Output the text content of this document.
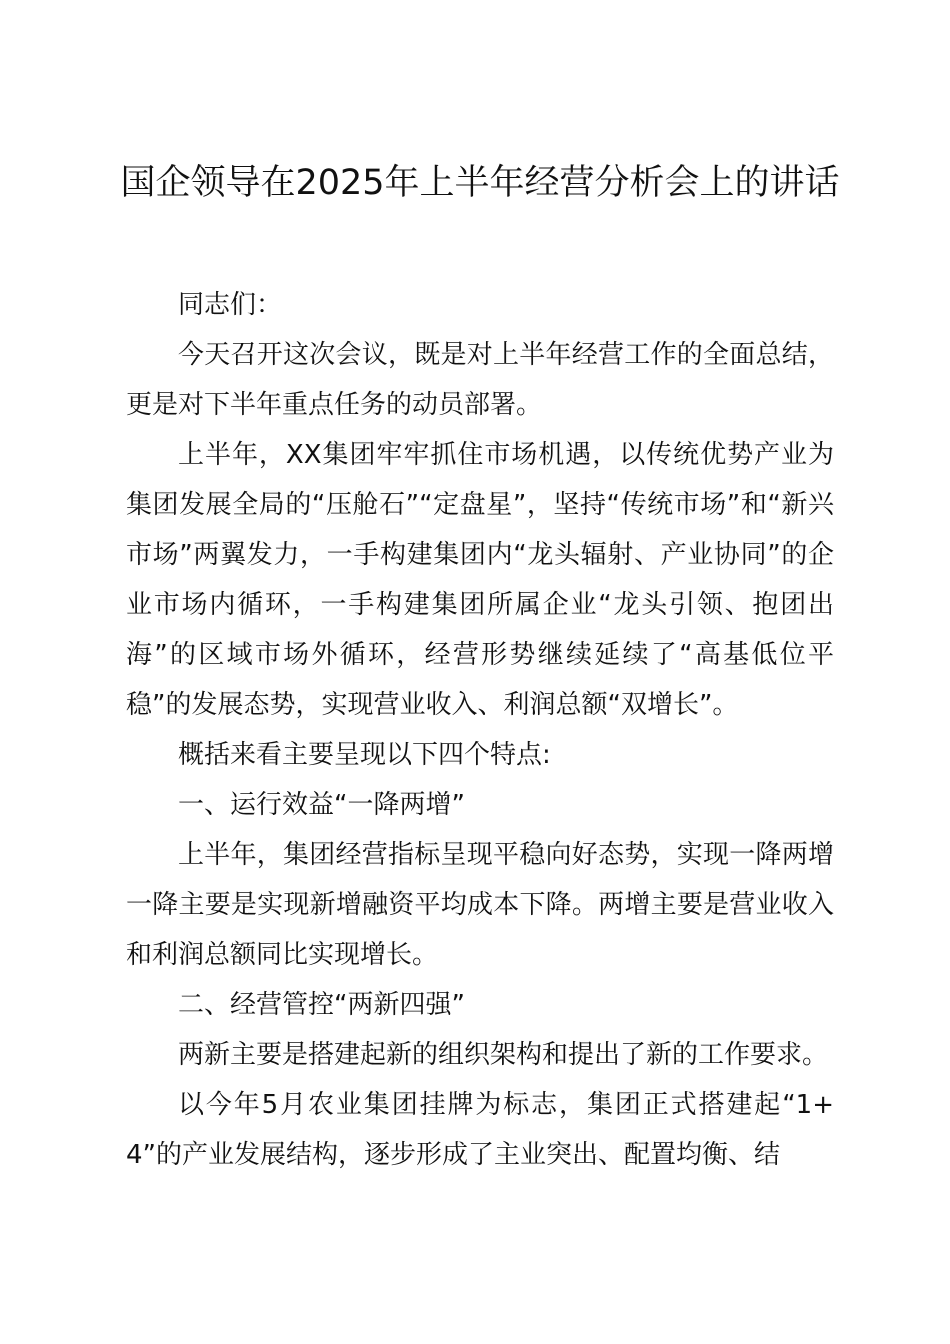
国企领导在2025年上半年经营分析会上的讲话

同志们：

今天召开这次会议，既是对上半年经营工作的全面总结，更是对下半年重点任务的动员部署。

上半年，XX集团牢牢抓住市场机遇，以传统优势产业为集团发展全局的“压舱石”“定盘星”，坚持“传统市场”和“新兴市场”两翼发力，一手构建集团内“龙头辐射、产业协同”的企业市场内循环，一手构建集团所属企业“龙头引领、抱团出海”的区域市场外循环，经营形势继续延续了“高基低位平稳”的发展态势，实现营业收入、利润总额“双增长”。

概括来看主要呈现以下四个特点:

一、运行效益“一降两增”

上半年，集团经营指标呈现平稳向好态势，实现一降两增一降主要是实现新增融资平均成本下降。两增主要是营业收入和利润总额同比实现增长。

二、经营管控“两新四强”

两新主要是搭建起新的组织架构和提出了新的工作要求。

以今年5月农业集团挂牌为标志，集团正式搭建起“1+4”的产业发展结构，逐步形成了主业突出、配置均衡、结
